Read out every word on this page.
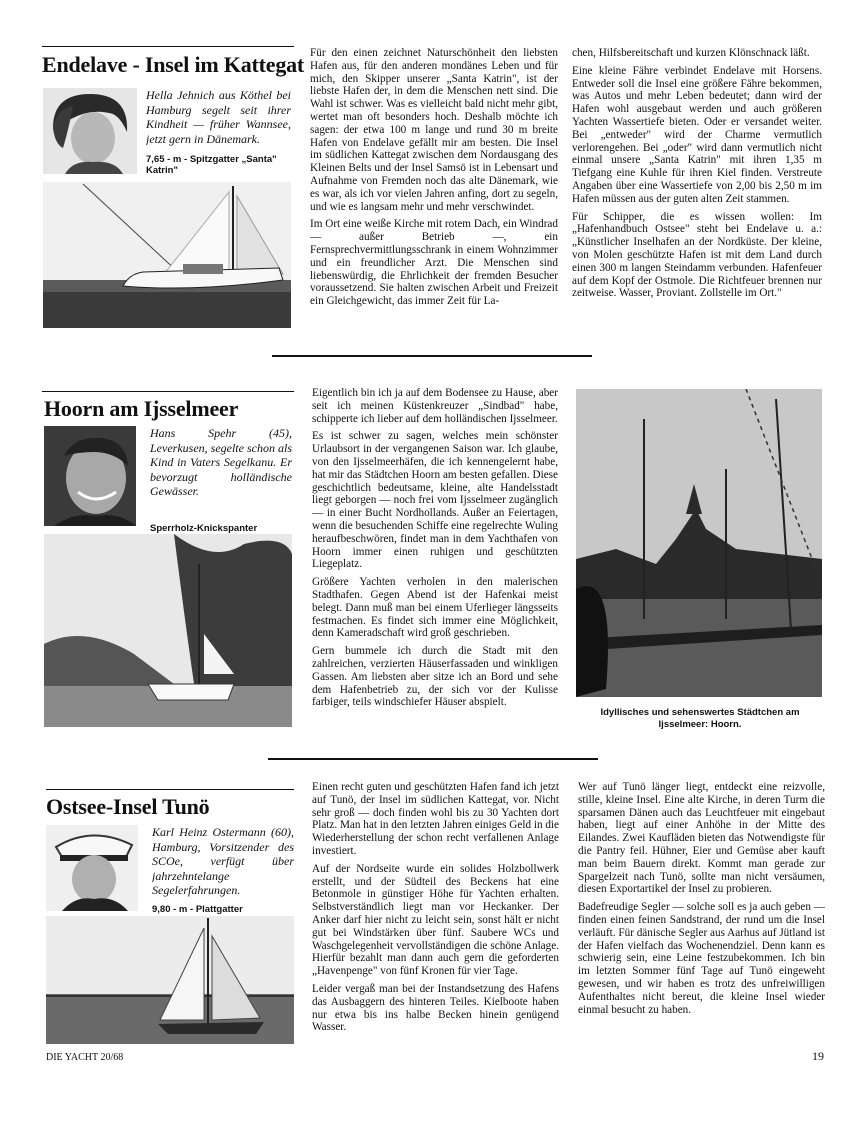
Endelave - Insel im Kattegat

Hella Jehnich aus Köthel bei Hamburg segelt seit ihrer Kindheit — früher Wannsee, jetzt gern in Dänemark.

7,65 - m - Spitzgatter „Santa" Katrin"

Für den einen zeichnet Naturschönheit den liebsten Hafen aus, für den anderen mondänes Leben und für mich, den Skipper unserer „Santa Katrin", ist der liebste Hafen der, in dem die Menschen nett sind. Die Wahl ist schwer. Was es vielleicht bald nicht mehr gibt, wertet man oft besonders hoch. Deshalb möchte ich sagen: der etwa 100 m lange und rund 30 m breite Hafen von Endelave gefällt mir am besten. Die Insel im südlichen Kattegat zwischen dem Nordausgang des Kleinen Belts und der Insel Samsö ist in Lebensart und Aufnahme von Fremden noch das alte Dänemark, wie es war, als ich vor vielen Jahren anfing, dort zu segeln, und wie es langsam mehr und mehr verschwindet.

Im Ort eine weiße Kirche mit rotem Dach, ein Windrad — außer Betrieb —, ein Fernsprechvermittlungsschrank in einem Wohnzimmer und ein freundlicher Arzt. Die Menschen sind liebenswürdig, die Ehrlichkeit der fremden Besucher voraussetzend. Sie halten zwischen Arbeit und Freizeit ein Gleichgewicht, das immer Zeit für La-

chen, Hilfsbereitschaft und kurzen Klönschnack läßt.

Eine kleine Fähre verbindet Endelave mit Horsens. Entweder soll die Insel eine größere Fähre bekommen, was Autos und mehr Leben bedeutet; dann wird der Hafen wohl ausgebaut werden und auch größeren Yachten Wassertiefe bieten. Oder er versandet weiter. Bei „entweder" wird der Charme vermutlich verlorengehen. Bei „oder" wird dann vermutlich nicht einmal unsere „Santa Katrin" mit ihren 1,35 m Tiefgang eine Kuhle für ihren Kiel finden. Verstreute Angaben über eine Wassertiefe von 2,00 bis 2,50 m im Hafen müssen aus der guten alten Zeit stammen.

Für Schipper, die es wissen wollen: Im „Hafenhandbuch Ostsee" steht bei Endelave u. a.: „Künstlicher Inselhafen an der Nordküste. Der kleine, von Molen geschützte Hafen ist mit dem Land durch einen 300 m langen Steindamm verbunden. Hafenfeuer auf dem Kopf der Ostmole. Die Richtfeuer brennen nur zeitweise. Wasser, Proviant. Zollstelle im Ort."

Hoorn am Ijsselmeer

Hans Spehr (45), Leverkusen, segelte schon als Kind in Vaters Segelkanu. Er bevorzugt holländische Gewässer.

Sperrholz-Knickspanter

Eigentlich bin ich ja auf dem Bodensee zu Hause, aber seit ich meinen Küstenkreuzer „Sindbad" habe, schipperte ich lieber auf dem holländischen Ijsselmeer.

Es ist schwer zu sagen, welches mein schönster Urlaubsort in der vergangenen Saison war. Ich glaube, von den Ijsselmeerhäfen, die ich kennengelernt habe, hat mir das Städtchen Hoorn am besten gefallen. Diese geschichtlich bedeutsame, kleine, alte Handelsstadt liegt geborgen — noch frei vom Ijsselmeer zugänglich — in einer Bucht Nordhollands. Außer an Feiertagen, wenn die besuchenden Schiffe eine regelrechte Wuling heraufbeschwören, findet man in dem Yachthafen von Hoorn immer einen ruhigen und geschützten Liegeplatz.

Größere Yachten verholen in den malerischen Stadthafen. Gegen Abend ist der Hafenkai meist belegt. Dann muß man bei einem Uferlieger längsseits festmachen. Es findet sich immer eine Möglichkeit, denn Kameradschaft wird groß geschrieben.

Gern bummele ich durch die Stadt mit den zahlreichen, verzierten Häuserfassaden und winkligen Gassen. Am liebsten aber sitze ich an Bord und sehe dem Hafenbetrieb zu, der sich vor der Kulisse farbiger, teils windschiefer Häuser abspielt.

Idyllisches und sehenswertes Städtchen am Ijsselmeer: Hoorn.
Ostsee-Insel Tunö

Karl Heinz Ostermann (60), Hamburg, Vorsitzender des SCOe, verfügt über jahrzehntelange Segelerfahrungen.

9,80 - m - Plattgatter

Einen recht guten und geschützten Hafen fand ich jetzt auf Tunö, der Insel im südlichen Kattegat, vor. Nicht sehr groß — doch finden wohl bis zu 30 Yachten dort Platz. Man hat in den letzten Jahren einiges Geld in die Wiederherstellung der schon recht verfallenen Anlage investiert.

Auf der Nordseite wurde ein solides Holzbollwerk erstellt, und der Südteil des Beckens hat eine Betonmole in günstiger Höhe für Yachten erhalten. Selbstverständlich liegt man vor Heckanker. Der Anker darf hier nicht zu leicht sein, sonst hält er nicht gut bei Windstärken über fünf. Saubere WCs und Waschgelegenheit vervollständigen die schöne Anlage. Hierfür bezahlt man dann auch gern die geforderten „Havenpenge" von fünf Kronen für vier Tage.

Leider vergaß man bei der Instandsetzung des Hafens das Ausbaggern des hinteren Teiles. Kielboote haben nur etwa bis ins halbe Becken hinein genügend Wasser.

Wer auf Tunö länger liegt, entdeckt eine reizvolle, stille, kleine Insel. Eine alte Kirche, in deren Turm die sparsamen Dänen auch das Leuchtfeuer mit eingebaut haben, liegt auf einer Anhöhe in der Mitte des Eilandes. Zwei Kaufläden bieten das Notwendigste für die Pantry feil. Hühner, Eier und Gemüse aber kauft man beim Bauern direkt. Kommt man gerade zur Spargelzeit nach Tunö, sollte man nicht versäumen, diesen Exportartikel der Insel zu probieren.

Badefreudige Segler — solche soll es ja auch geben — finden einen feinen Sandstrand, der rund um die Insel verläuft. Für dänische Segler aus Aarhus auf Jütland ist der Hafen vielfach das Wochenendziel. Denn kann es schwierig sein, eine Leine festzubekommen. Ich bin im letzten Sommer fünf Tage auf Tunö eingeweht gewesen, und wir haben es trotz des unfreiwilligen Aufenthaltes nicht bereut, die kleine Insel wieder einmal besucht zu haben.

DIE YACHT 20/68	19
